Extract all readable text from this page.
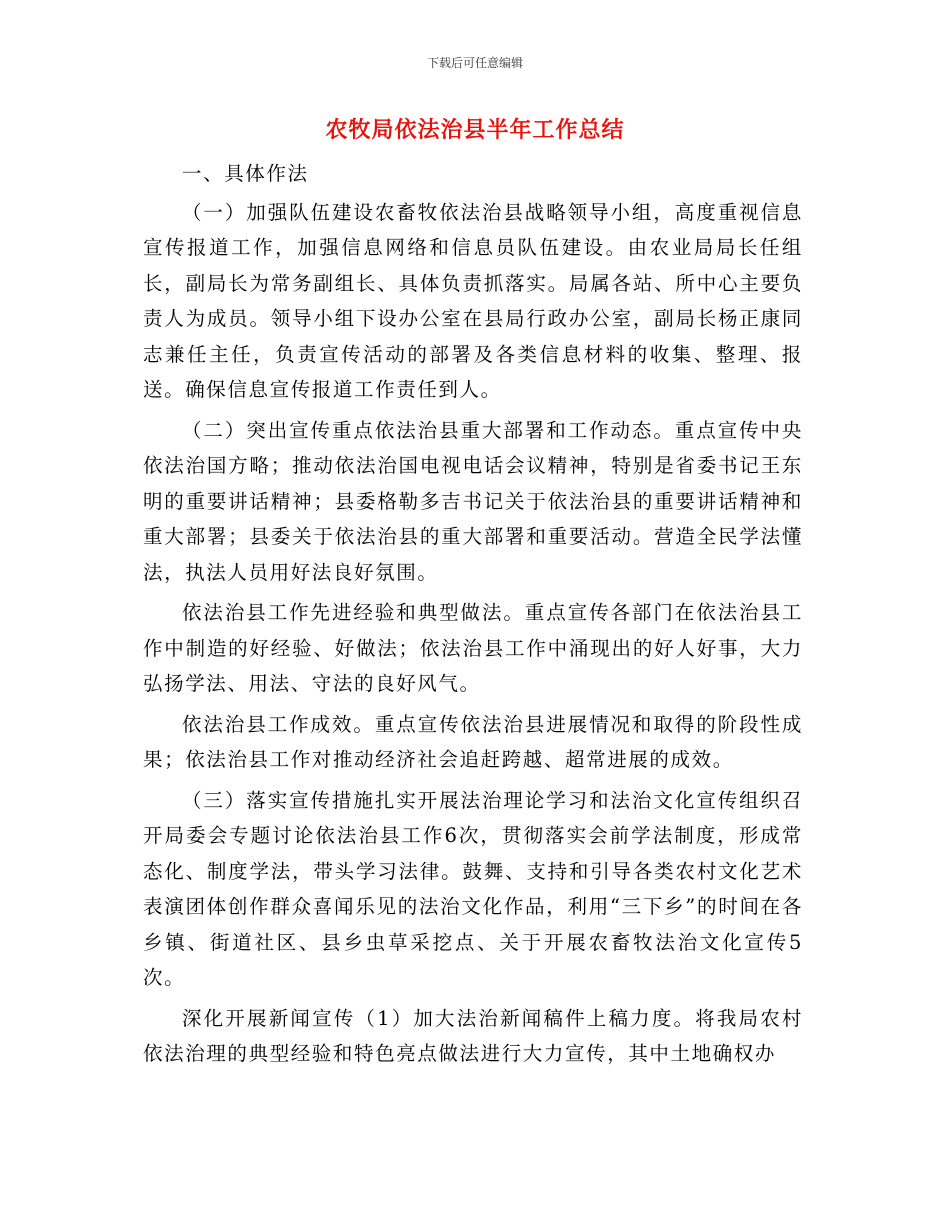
下载后可任意编辑
农牧局依法治县半年工作总结

一、具体作法

（一）加强队伍建设农畜牧依法治县战略领导小组，高度重视信息宣传报道工作，加强信息网络和信息员队伍建设。由农业局局长任组长，副局长为常务副组长、具体负责抓落实。局属各站、所中心主要负责人为成员。领导小组下设办公室在县局行政办公室，副局长杨正康同志兼任主任，负责宣传活动的部署及各类信息材料的收集、整理、报送。确保信息宣传报道工作责任到人。

（二）突出宣传重点依法治县重大部署和工作动态。重点宣传中央依法治国方略；推动依法治国电视电话会议精神，特别是省委书记王东明的重要讲话精神；县委格勒多吉书记关于依法治县的重要讲话精神和重大部署；县委关于依法治县的重大部署和重要活动。营造全民学法懂法，执法人员用好法良好氛围。

依法治县工作先进经验和典型做法。重点宣传各部门在依法治县工作中制造的好经验、好做法；依法治县工作中涌现出的好人好事，大力弘扬学法、用法、守法的良好风气。

依法治县工作成效。重点宣传依法治县进展情况和取得的阶段性成果；依法治县工作对推动经济社会追赶跨越、超常进展的成效。

（三）落实宣传措施扎实开展法治理论学习和法治文化宣传组织召开局委会专题讨论依法治县工作6次，贯彻落实会前学法制度，形成常态化、制度学法，带头学习法律。鼓舞、支持和引导各类农村文化艺术表演团体创作群众喜闻乐见的法治文化作品，利用“三下乡”的时间在各乡镇、街道社区、县乡虫草采挖点、关于开展农畜牧法治文化宣传5次。

深化开展新闻宣传（1）加大法治新闻稿件上稿力度。将我局农村依法治理的典型经验和特色亮点做法进行大力宣传，其中土地确权办
